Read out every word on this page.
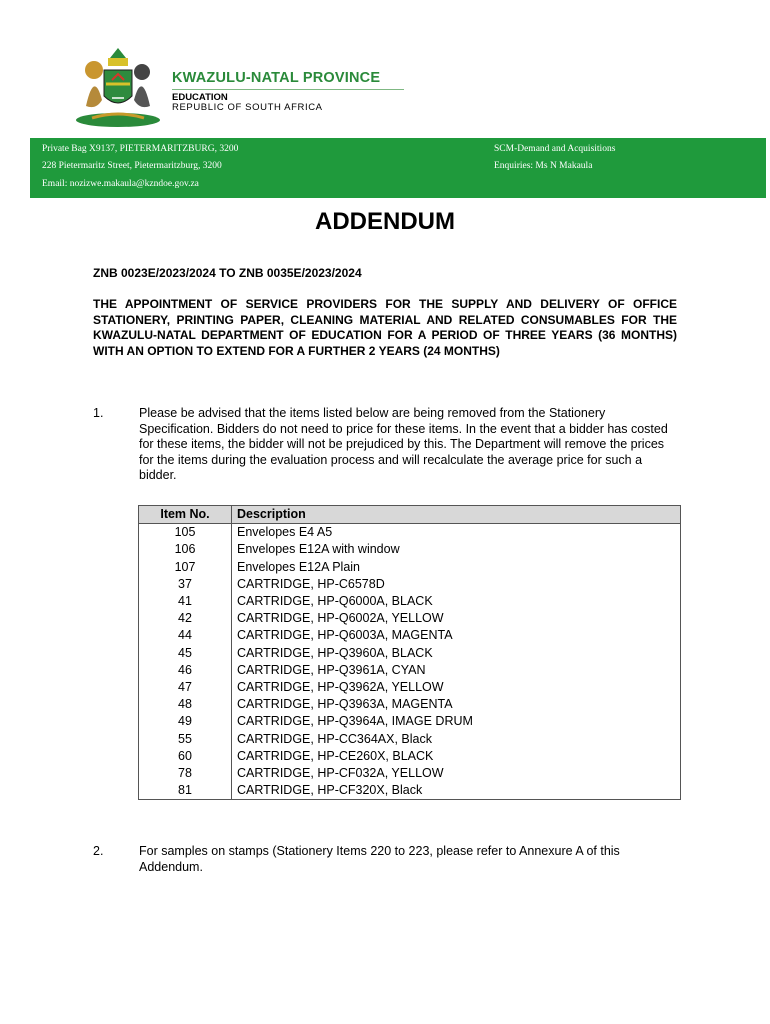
KWAZULU-NATAL PROVINCE
EDUCATION
REPUBLIC OF SOUTH AFRICA
Private Bag X9137, PIETERMARITZBURG, 3200
228 Pietermaritz Street, Pietermaritzburg, 3200
Email: nozizwe.makaula@kzndoe.gov.za
SCM-Demand and Acquisitions
Enquiries: Ms N Makaula
ADDENDUM
ZNB 0023E/2023/2024 TO ZNB 0035E/2023/2024
THE APPOINTMENT OF SERVICE PROVIDERS FOR THE SUPPLY AND DELIVERY OF OFFICE STATIONERY, PRINTING PAPER, CLEANING MATERIAL AND RELATED CONSUMABLES FOR THE KWAZULU-NATAL DEPARTMENT OF EDUCATION FOR A PERIOD OF THREE YEARS (36 MONTHS) WITH AN OPTION TO EXTEND FOR A FURTHER 2 YEARS (24 MONTHS)
1.	Please be advised that the items listed below are being removed from the Stationery Specification. Bidders do not need to price for these items. In the event that a bidder has costed for these items, the bidder will not be prejudiced by this. The Department will remove the prices for the items during the evaluation process and will recalculate the average price for such a bidder.
Item No.	Description
105	Envelopes E4 A5
106	Envelopes E12A with window
107	Envelopes E12A Plain
37	CARTRIDGE, HP-C6578D
41	CARTRIDGE, HP-Q6000A, BLACK
42	CARTRIDGE, HP-Q6002A, YELLOW
44	CARTRIDGE, HP-Q6003A, MAGENTA
45	CARTRIDGE, HP-Q3960A, BLACK
46	CARTRIDGE, HP-Q3961A, CYAN
47	CARTRIDGE, HP-Q3962A, YELLOW
48	CARTRIDGE, HP-Q3963A, MAGENTA
49	CARTRIDGE, HP-Q3964A, IMAGE DRUM
55	CARTRIDGE, HP-CC364AX, Black
60	CARTRIDGE, HP-CE260X, BLACK
78	CARTRIDGE, HP-CF032A, YELLOW
81	CARTRIDGE, HP-CF320X, Black
2.	For samples on stamps (Stationery Items 220 to 223, please refer to Annexure A of this Addendum.
